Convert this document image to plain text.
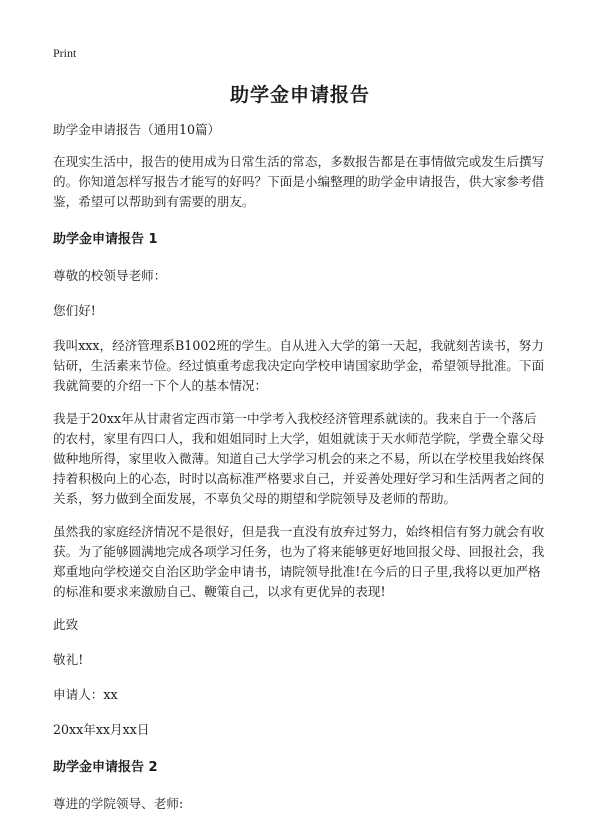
Print
助学金申请报告

助学金申请报告（通用10篇）

在现实生活中，报告的使用成为日常生活的常态，多数报告都是在事情做完或发生后撰写的。你知道怎样写报告才能写的好吗？下面是小编整理的助学金申请报告，供大家参考借鉴，希望可以帮助到有需要的朋友。

助学金申请报告 1

尊敬的校领导老师：

您们好!

我叫xxx，经济管理系B1002班的学生。自从进入大学的第一天起，我就刻苦读书，努力钻研，生活素来节俭。经过慎重考虑我决定向学校申请国家助学金，希望领导批准。下面我就简要的介绍一下个人的基本情况：

我是于20xx年从甘肃省定西市第一中学考入我校经济管理系就读的。我来自于一个落后的农村，家里有四口人，我和姐姐同时上大学，姐姐就读于天水师范学院，学费全靠父母做种地所得，家里收入微薄。知道自己大学学习机会的来之不易，所以在学校里我始终保持着积极向上的心态，时时以高标准严格要求自己，并妥善处理好学习和生活两者之间的关系，努力做到全面发展，不辜负父母的期望和学院领导及老师的帮助。

虽然我的家庭经济情况不是很好，但是我一直没有放弃过努力，始终相信有努力就会有收获。为了能够圆满地完成各项学习任务，也为了将来能够更好地回报父母、回报社会，我郑重地向学校递交自治区助学金申请书，请院领导批准!在今后的日子里,我将以更加严格的标准和要求来激励自己、鞭策自己，以求有更优异的表现!

此致

敬礼!

申请人：xx

20xx年xx月xx日

助学金申请报告 2

尊进的学院领导、老师:
